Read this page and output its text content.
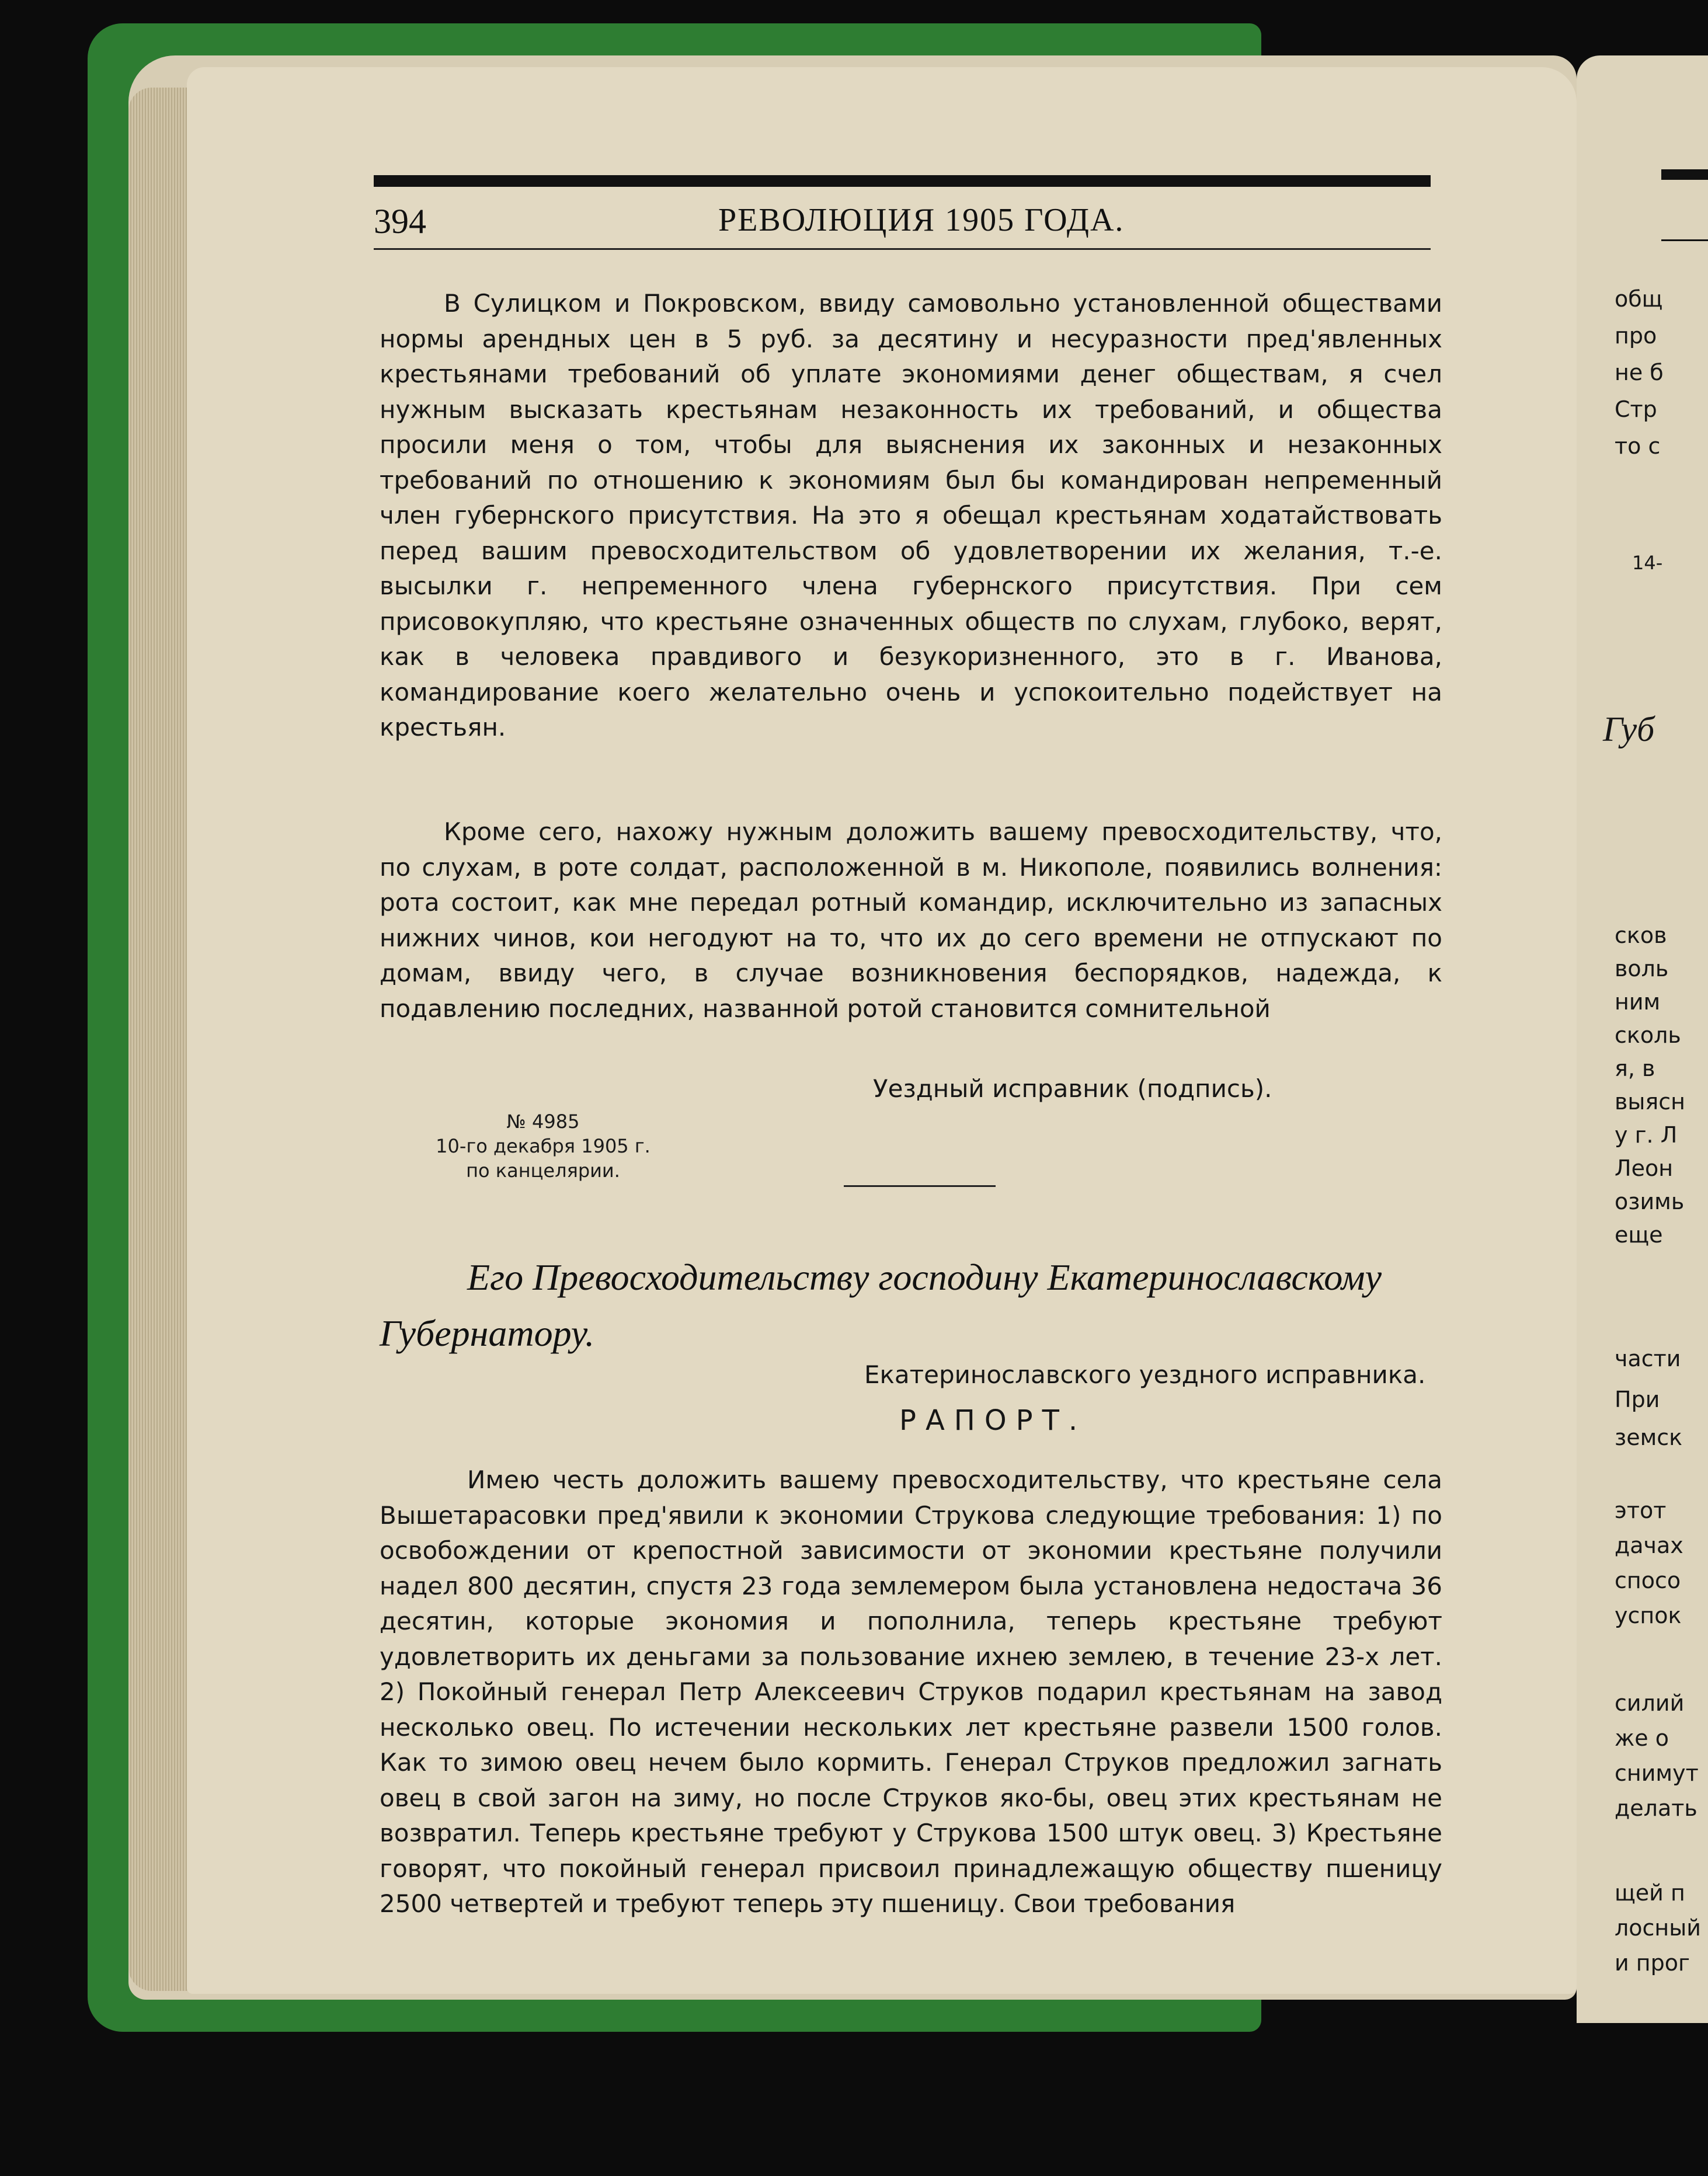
394	РЕВОЛЮЦИЯ 1905 ГОДА.

В Сулицком и Покровском, ввиду самовольно установленной обществами нормы арендных цен в 5 руб. за десятину и несуразности пред'явленных крестьянами требований об уплате экономиями денег обществам, я счел нужным высказать крестьянам незаконность их требований, и общества просили меня о том, чтобы для выяснения их законных и незаконных требований по отношению к экономиям был бы командирован непременный член губернского присутствия. На это я обещал крестьянам ходатайствовать перед вашим превосходительством об удовлетворении их желания, т.-е. высылки г. непременного члена губернского присутствия. При сем присовокупляю, что крестьяне означенных обществ по слухам, глубоко, верят, как в человека правдивого и безукоризненного, это в г. Иванова, командирование коего желательно очень и успокоительно подействует на крестьян.

Кроме сего, нахожу нужным доложить вашему превосходительству, что, по слухам, в роте солдат, расположенной в м. Никополе, появились волнения: рота состоит, как мне передал ротный командир, исключительно из запасных нижних чинов, кои негодуют на то, что их до сего времени не отпускают по домам, ввиду чего, в случае возникновения беспорядков, надежда, к подавлению последних, названной ротой становится сомнительной

Уездный исправник (подпись).
№ 4985
10-го декабря 1905 г.
по канцелярии.

Его Превосходительству господину Екатеринославскому Губернатору.

Екатеринославского уездного исправника.
РАПОРТ.

Имею честь доложить вашему превосходительству, что крестьяне села Вышетарасовки пред'явили к экономии Струкова следующие требования: 1) по освобождении от крепостной зависимости от экономии крестьяне получили надел 800 десятин, спустя 23 года землемером была установлена недостача 36 десятин, которые экономия и пополнила, теперь крестьяне требуют удовлетворить их деньгами за пользование ихнею землею, в течение 23-х лет. 2) Покойный генерал Петр Алексеевич Струков подарил крестьянам на завод несколько овец. По истечении нескольких лет крестьяне развели 1500 голов. Как то зимою овец нечем было кормить. Генерал Струков предложил загнать овец в свой загон на зиму, но после Струков яко-бы, овец этих крестьянам не возвратил. Теперь крестьяне требуют у Струкова 1500 штук овец. 3) Крестьяне говорят, что покойный генерал присвоил принадлежащую обществу пшеницу 2500 четвертей и требуют теперь эту пшеницу. Свои требования

общ
про
не б
Стр
то с
14-
Губ
сков
воль
ним
сколь
я, в
выясн
у г. Л
Леон
озимь
еще
части
При
земск
этот
дачах
спосо
успок
силий
же о
снимут
делать
щей п
лосный
и прог
